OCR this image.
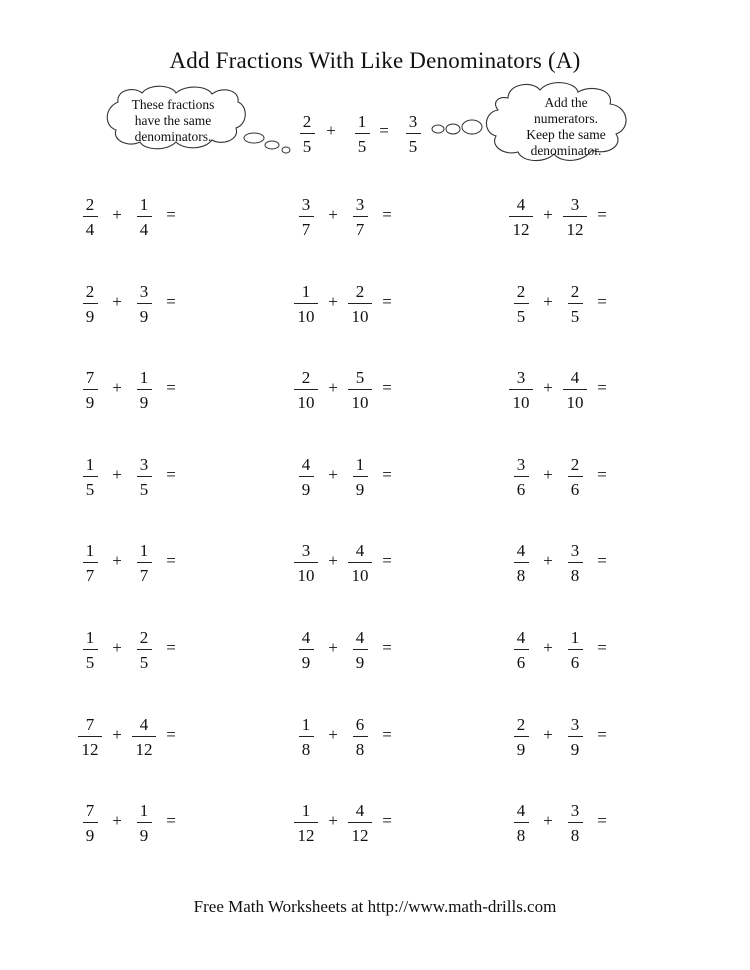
Add Fractions With Like Denominators (A)
These fractions
have the same
denominators.
Add the
numerators.
Keep the same
denominator.
2
5
+	1
5
=	3
5
2
4
+
1
4
=
3
7
+
3
7
=
4
12
+
3
12
=
2
9
+
3
9
=
1
10
+
2
10
=
2
5
+
2
5
=
7
9
+
1
9
=
2
10
+
5
10
=
3
10
+
4
10
=
1
5
+
3
5
=
4
9
+
1
9
=
3
6
+
2
6
=
1
7
+
1
7
=
3
10
+
4
10
=
4
8
+
3
8
=
1
5
+
2
5
=
4
9
+
4
9
=
4
6
+
1
6
=
7
12
+
4
12
=
1
8
+
6
8
=
2
9
+
3
9
=
7
9
+
1
9
=
1
12
+
4
12
=
4
8
+
3
8
=
Free Math Worksheets at http://www.math-drills.com
